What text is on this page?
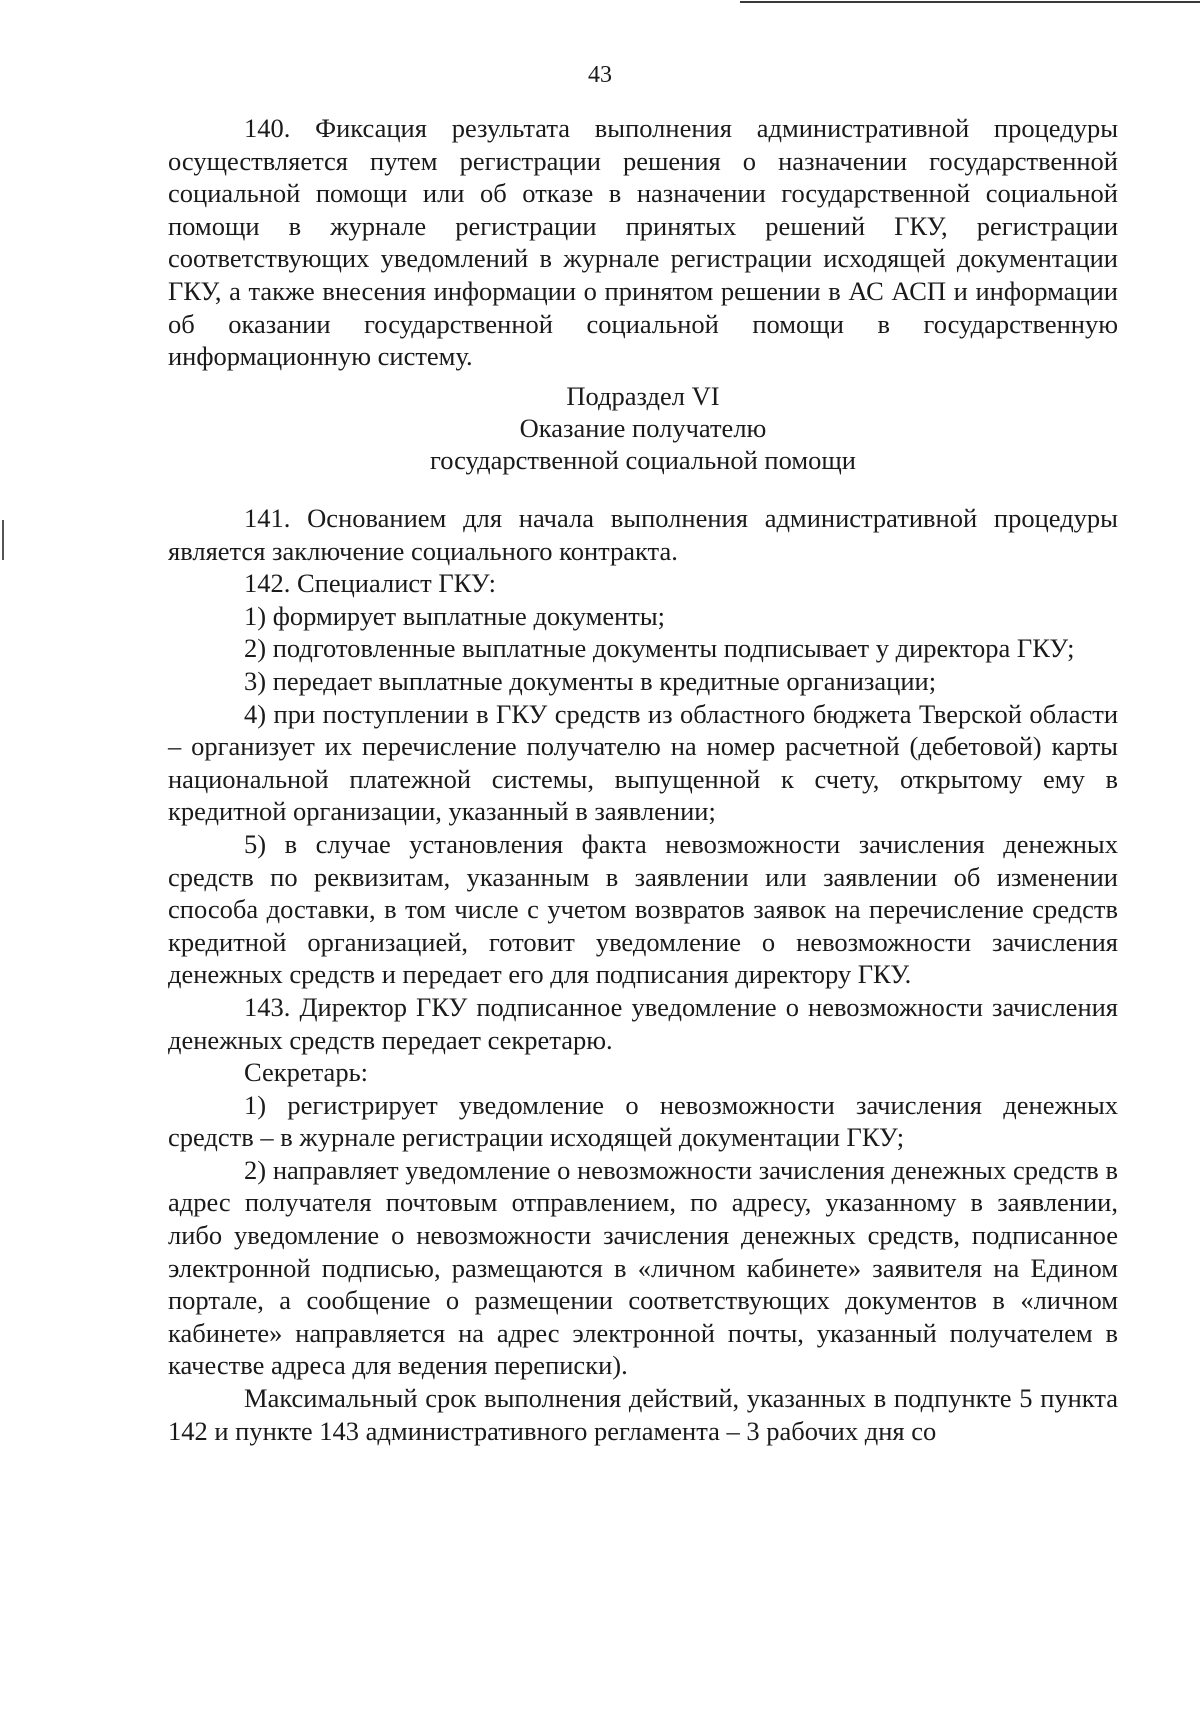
43

140. Фиксация результата выполнения административной процедуры осуществляется путем регистрации решения о назначении государственной социальной помощи или об отказе в назначении государственной социальной помощи в журнале регистрации принятых решений ГКУ, регистрации соответствующих уведомлений в журнале регистрации исходящей документации ГКУ, а также внесения информации о принятом решении в АС АСП и информации об оказании государственной социальной помощи в государственную информационную систему.

Подраздел VI

Оказание получателю

государственной социальной помощи

141. Основанием для начала выполнения административной процедуры является заключение социального контракта.

142. Специалист ГКУ:

1) формирует выплатные документы;

2) подготовленные выплатные документы подписывает у директора ГКУ;

3) передает выплатные документы в кредитные организации;

4) при поступлении в ГКУ средств из областного бюджета Тверской области – организует их перечисление получателю на номер расчетной (дебетовой) карты национальной платежной системы, выпущенной к счету, открытому ему в кредитной организации, указанный в заявлении;

5) в случае установления факта невозможности зачисления денежных средств по реквизитам, указанным в заявлении или заявлении об изменении способа доставки, в том числе с учетом возвратов заявок на перечисление средств кредитной организацией, готовит уведомление о невозможности зачисления денежных средств и передает его для подписания директору ГКУ.

143. Директор ГКУ подписанное уведомление о невозможности зачисления денежных средств передает секретарю.

Секретарь:

1) регистрирует уведомление о невозможности зачисления денежных средств – в журнале регистрации исходящей документации ГКУ;

2) направляет уведомление о невозможности зачисления денежных средств в адрес получателя почтовым отправлением, по адресу, указанному в заявлении, либо уведомление о невозможности зачисления денежных средств, подписанное электронной подписью, размещаются в «личном кабинете» заявителя на Едином портале, а сообщение о размещении соответствующих документов в «личном кабинете» направляется на адрес электронной почты, указанный получателем в качестве адреса для ведения переписки).

Максимальный срок выполнения действий, указанных в подпункте 5 пункта 142 и пункте 143 административного регламента – 3 рабочих дня со
